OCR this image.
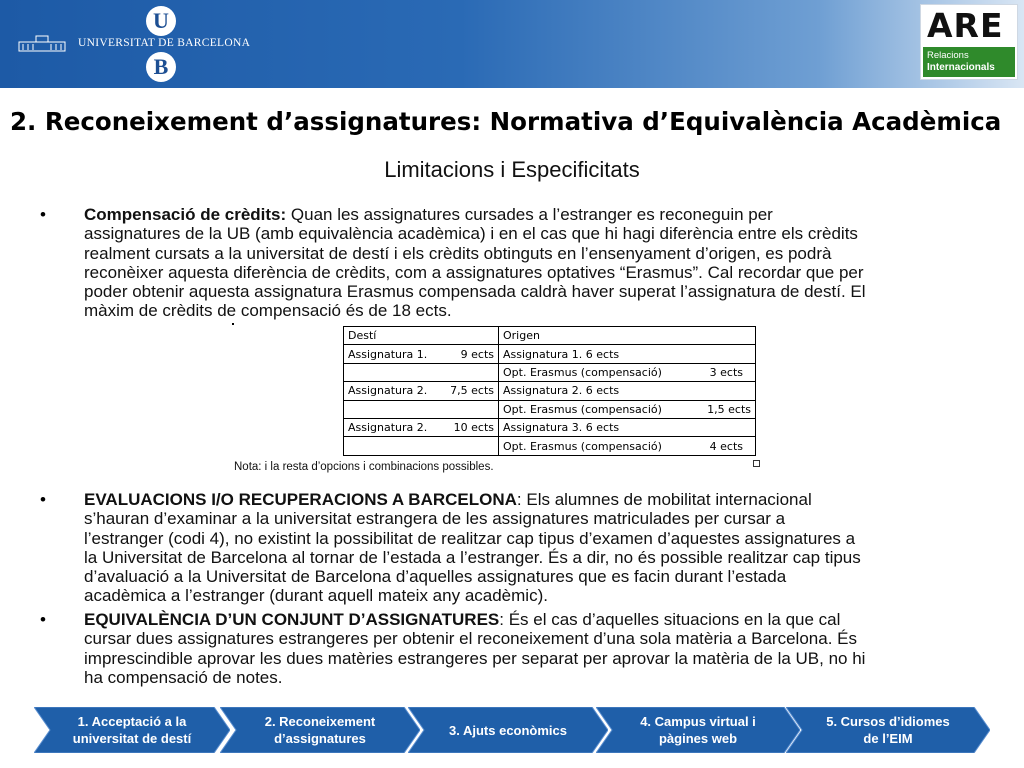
U
UNIVERSITAT DE BARCELONA
B
ARE
Relacions
Internacionals
2. Reconeixement d’assignatures: Normativa d’Equivalència Acadèmica
Limitacions i Especificitats
• Compensació de crèdits: Quan les assignatures cursades a l’estranger es reconeguin per
assignatures de la UB (amb equivalència acadèmica) i en el cas que hi hagi diferència entre els crèdits
realment cursats a la universitat de destí i els crèdits obtinguts en l’ensenyament d’origen, es podrà
reconèixer aquesta diferència de crèdits, com a assignatures optatives “Erasmus”. Cal recordar que per
poder obtenir aquesta assignatura Erasmus compensada caldrà haver superat l’assignatura de destí. El
màxim de crèdits de compensació és de 18 ects.
Destí	Origen
Assignatura 1. 9 ects	Assignatura 1. 6 ects

	Opt. Erasmus (compensació) 3 ects

Assignatura 2. 7,5 ects	Assignatura 2. 6 ects

	Opt. Erasmus (compensació) 1,5 ects

Assignatura 2. 10 ects	Assignatura 3. 6 ects

	Opt. Erasmus (compensació) 4 ects
Nota: i la resta d’opcions i combinacions possibles.
• EVALUACIONS I/O RECUPERACIONS A BARCELONA: Els alumnes de mobilitat internacional
s’hauran d’examinar a la universitat estrangera de les assignatures matriculades per cursar a
l’estranger (codi 4), no existint la possibilitat de realitzar cap tipus d’examen d’aquestes assignatures a
la Universitat de Barcelona al tornar de l’estada a l’estranger. És a dir, no és possible realitzar cap tipus
d’avaluació a la Universitat de Barcelona d’aquelles assignatures que es facin durant l’estada
acadèmica a l’estranger (durant aquell mateix any acadèmic).
• EQUIVALÈNCIA D’UN CONJUNT D’ASSIGNATURES: És el cas d’aquelles situacions en la que cal
cursar dues assignatures estrangeres per obtenir el reconeixement d’una sola matèria a Barcelona. És
imprescindible aprovar les dues matèries estrangeres per separat per aprovar la matèria de la UB, no hi
ha compensació de notes.
1. Acceptació a la
universitat de destí
2. Reconeixement
d’assignatures
3. Ajuts econòmics
4. Campus virtual i
pàgines web
5. Cursos d’idiomes
de l’EIM
